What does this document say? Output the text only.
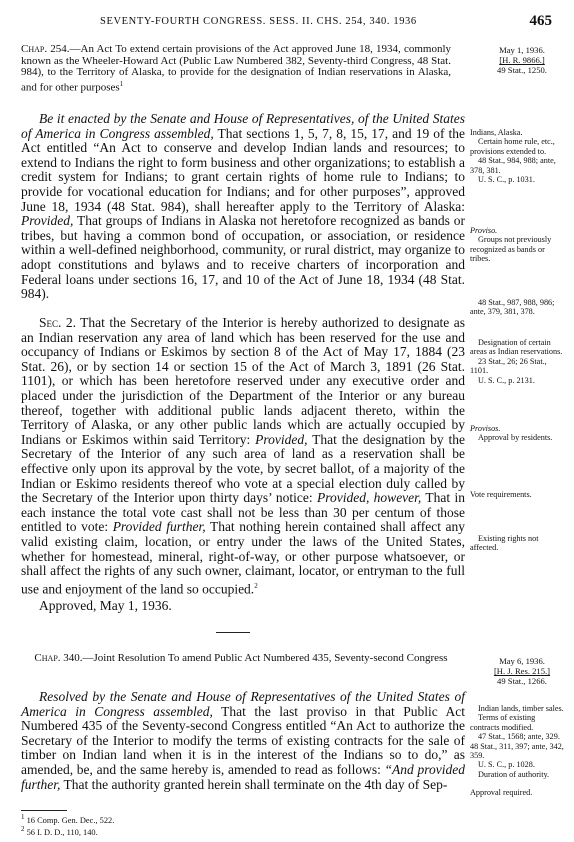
SEVENTY-FOURTH CONGRESS. SESS. II. CHS. 254, 340. 1936	465
Chap. 254.—An Act To extend certain provisions of the Act approved June 18, 1934, commonly known as the Wheeler-Howard Act (Public Law Numbered 382, Seventy-third Congress, 48 Stat. 984), to the Territory of Alaska, to provide for the designation of Indian reservations in Alaska, and for other purposes$^1$
May 1, 1936.
[H. R. 9866.]
49 Stat., 1250.

Be it enacted by the Senate and House of Representatives, of the United States of America in Congress assembled, That sections 1, 5, 7, 8, 15, 17, and 19 of the Act entitled “An Act to conserve and develop Indian lands and resources; to extend to Indians the right to form business and other organizations; to establish a credit system for Indians; to grant certain rights of home rule to Indians; to provide for vocational education for Indians; and for other purposes”, approved June 18, 1934 (48 Stat. 984), shall hereafter apply to the Territory of Alaska: Provided, That groups of Indians in Alaska not heretofore recognized as bands or tribes, but having a common bond of occupation, or association, or residence within a well-defined neighborhood, community, or rural district, may organize to adopt constitutions and bylaws and to receive charters of incorporation and Federal loans under sections 16, 17, and 10 of the Act of June 18, 1934 (48 Stat. 984).

Sec. 2. That the Secretary of the Interior is hereby authorized to designate as an Indian reservation any area of land which has been reserved for the use and occupancy of Indians or Eskimos by section 8 of the Act of May 17, 1884 (23 Stat. 26), or by section 14 or section 15 of the Act of March 3, 1891 (26 Stat. 1101), or which has been heretofore reserved under any executive order and placed under the jurisdiction of the Department of the Interior or any bureau thereof, together with additional public lands adjacent thereto, within the Territory of Alaska, or any other public lands which are actually occupied by Indians or Eskimos within said Territory: Provided, That the designation by the Secretary of the Interior of any such area of land as a reservation shall be effective only upon its approval by the vote, by secret ballot, of a majority of the Indian or Eskimo residents thereof who vote at a special election duly called by the Secretary of the Interior upon thirty days’ notice: Provided, however, That in each instance the total vote cast shall not be less than 30 per centum of those entitled to vote: Provided further, That nothing herein contained shall affect any valid existing claim, location, or entry under the laws of the United States, whether for homestead, mineral, right-of-way, or other purpose whatsoever, or shall affect the rights of any such owner, claimant, locator, or entryman to the full use and enjoyment of the land so occupied.$^2$

Approved, May 1, 1936.

Chap. 340.—Joint Resolution To amend Public Act Numbered 435, Seventy-second Congress	May 6, 1936.
[H. J. Res. 215.]
49 Stat., 1266.

Resolved by the Senate and House of Representatives of the United States of America in Congress assembled, That the last proviso in that Public Act Numbered 435 of the Seventy-second Congress entitled “An Act to authorize the Secretary of the Interior to modify the terms of existing contracts for the sale of timber on Indian land when it is in the interest of the Indians so to do,” as amended, be, and the same hereby is, amended to read as follows: “And provided further, That the authority granted herein shall terminate on the 4th day of Sep-

Indians, Alaska.
Certain home rule, etc., provisions extended to.
48 Stat., 984, 988; ante, 378, 381.
U. S. C., p. 1031.
Proviso.
Groups not previously recognized as bands or tribes.
48 Stat., 987, 988, 986; ante, 379, 381, 378.
Designation of certain areas as Indian reservations.
23 Stat., 26; 26 Stat., 1101.
U. S. C., p. 2131.
Provisos.
Approval by residents.
Vote requirements.
Existing rights not affected.
Indian lands, timber sales.
Terms of existing contracts modified.
47 Stat., 1568; ante, 329. 48 Stat., 311, 397; ante, 342, 359.
U. S. C., p. 1028.
Duration of authority.
Approval required.
$^1$ 16 Comp. Gen. Dec., 522.
$^2$ 56 I. D. D., 110, 140.
